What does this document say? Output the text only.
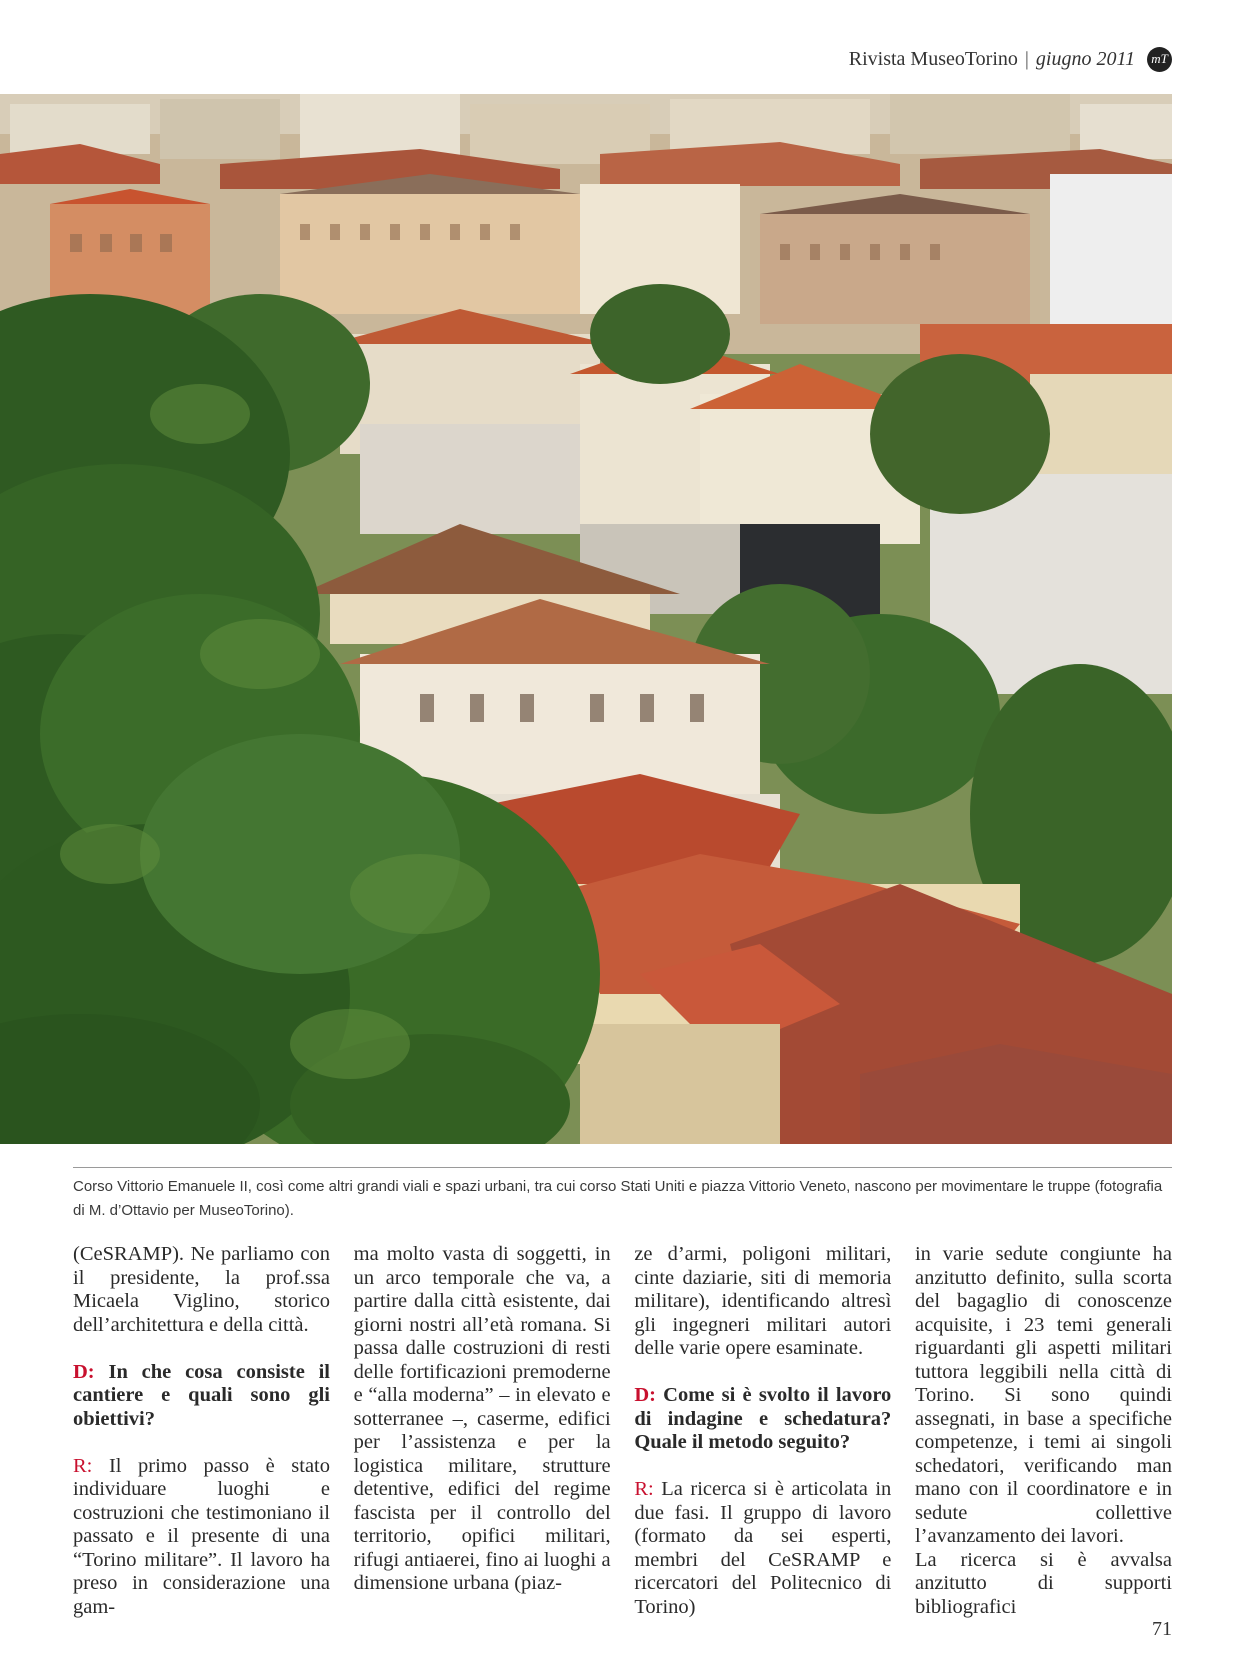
Rivista MuseoTorino | giugno 2011	mT
Corso Vittorio Emanuele II, così come altri grandi viali e spazi urbani, tra cui corso Stati Uniti e piazza Vittorio Veneto, nascono per movimentare le truppe (fotografia di M. d’Ottavio per MuseoTorino).

(CeSRAMP). Ne parliamo con il presidente, la prof.ssa Micaela Viglino, storico dell’architettura e della città.

D: In che cosa consiste il cantiere e quali sono gli obiettivi?

R: Il primo passo è stato individuare luoghi e costruzioni che testimoniano il passato e il presente di una “Torino militare”. Il lavoro ha preso in considerazione una gam-

ma molto vasta di soggetti, in un arco temporale che va, a partire dalla città esistente, dai giorni nostri all’età romana. Si passa dalle costruzioni di resti delle fortificazioni premoderne e “alla moderna” – in elevato e sotterranee –, caserme, edifici per l’assistenza e per la logistica militare, strutture detentive, edifici del regime fascista per il controllo del territorio, opifici militari, rifugi antiaerei, fino ai luoghi a dimensione urbana (piaz-

ze d’armi, poligoni militari, cinte daziarie, siti di memoria militare), identificando altresì gli ingegneri militari autori delle varie opere esaminate.

D: Come si è svolto il lavoro di indagine e schedatura? Quale il metodo seguito?

R: La ricerca si è articolata in due fasi. Il gruppo di lavoro (formato da sei esperti, membri del CeSRAMP e ricercatori del Politecnico di Torino)

in varie sedute congiunte ha anzitutto definito, sulla scorta del bagaglio di conoscenze acquisite, i 23 temi generali riguardanti gli aspetti militari tuttora leggibili nella città di Torino. Si sono quindi assegnati, in base a specifiche competenze, i temi ai singoli schedatori, verificando man mano con il coordinatore e in sedute collettive l’avanzamento dei lavori.

La ricerca si è avvalsa anzitutto di supporti bibliografici

71
